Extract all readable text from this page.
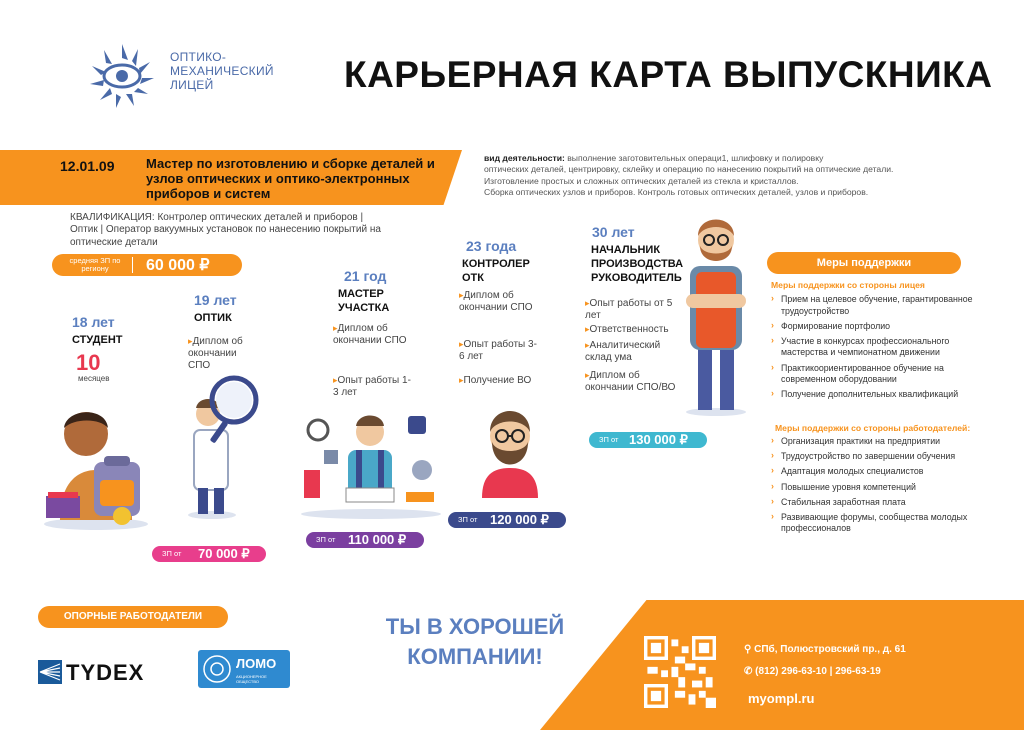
ОПТИКО-
МЕХАНИЧЕСКИЙ
ЛИЦЕЙ	КАРЬЕРНАЯ КАРТА ВЫПУСКНИКА
12.01.09 Мастер по изготовлению и сборке деталей и узлов оптических и оптико-электронных приборов и систем
вид деятельности: выполнение заготовительных операци1, шлифовку и полировку
оптических деталей, центрировку, склейку и операцию по нанесению покрытий на оптические детали.
Изготовление простых и сложных оптических деталей из стекла и кристаллов.
Сборка оптических узлов и приборов. Контроль готовых оптических деталей, узлов и приборов.
КВАЛИФИКАЦИЯ: Контролер оптических деталей и приборов | Оптик | Оператор вакуумных установок по нанесению покрытий на оптические детали
средняя ЗП по региону	60 000 ₽
18 лет
СТУДЕНТ
10
месяцев
19 лет
ОПТИК
▸Диплом об окончании СПО
ЗП от 70 000 ₽
21 год
МАСТЕР УЧАСТКА
▸Диплом об окончании СПО
▸Опыт работы 1-3 лет
ЗП от 110 000 ₽
23 года
КОНТРОЛЕР ОТК
▸Диплом об окончании СПО
▸Опыт работы 3-6 лет
▸Получение ВО
ЗП от 120 000 ₽
30 лет
НАЧАЛЬНИК ПРОИЗВОДСТВА РУКОВОДИТЕЛЬ
▸Опыт работы от 5 лет
▸Ответственность
▸Аналитический склад ума
▸Диплом об окончании СПО/ВО
ЗП от 130 000 ₽
Меры поддержки
Меры поддержки со стороны лицея
› Прием на целевое обучение, гарантированное трудоустройство
› Формирование портфолио
› Участие в конкурсах профессионального мастерства и чемпионатном движении
› Практикоориентированное обучение на современном оборудовании
› Получение дополнительных квалификаций
Меры поддержки со стороны работодателей:
› Организация практики на предприятии
› Трудоустройство по завершении обучения
› Адаптация молодых специалистов
› Повышение уровня компетенций
› Стабильная заработная плата
› Развивающие форумы, сообщества молодых профессионалов
ОПОРНЫЕ РАБОТОДАТЕЛИ
TYDEX	ЛОМО
АКЦИОНЕРНОЕ ОБЩЕСТВО
ТЫ В ХОРОШЕЙ КОМПАНИИ!	⚲ СПб, Полюстровский пр., д. 61
✆ (812) 296-63-10 | 296-63-19
myompl.ru
